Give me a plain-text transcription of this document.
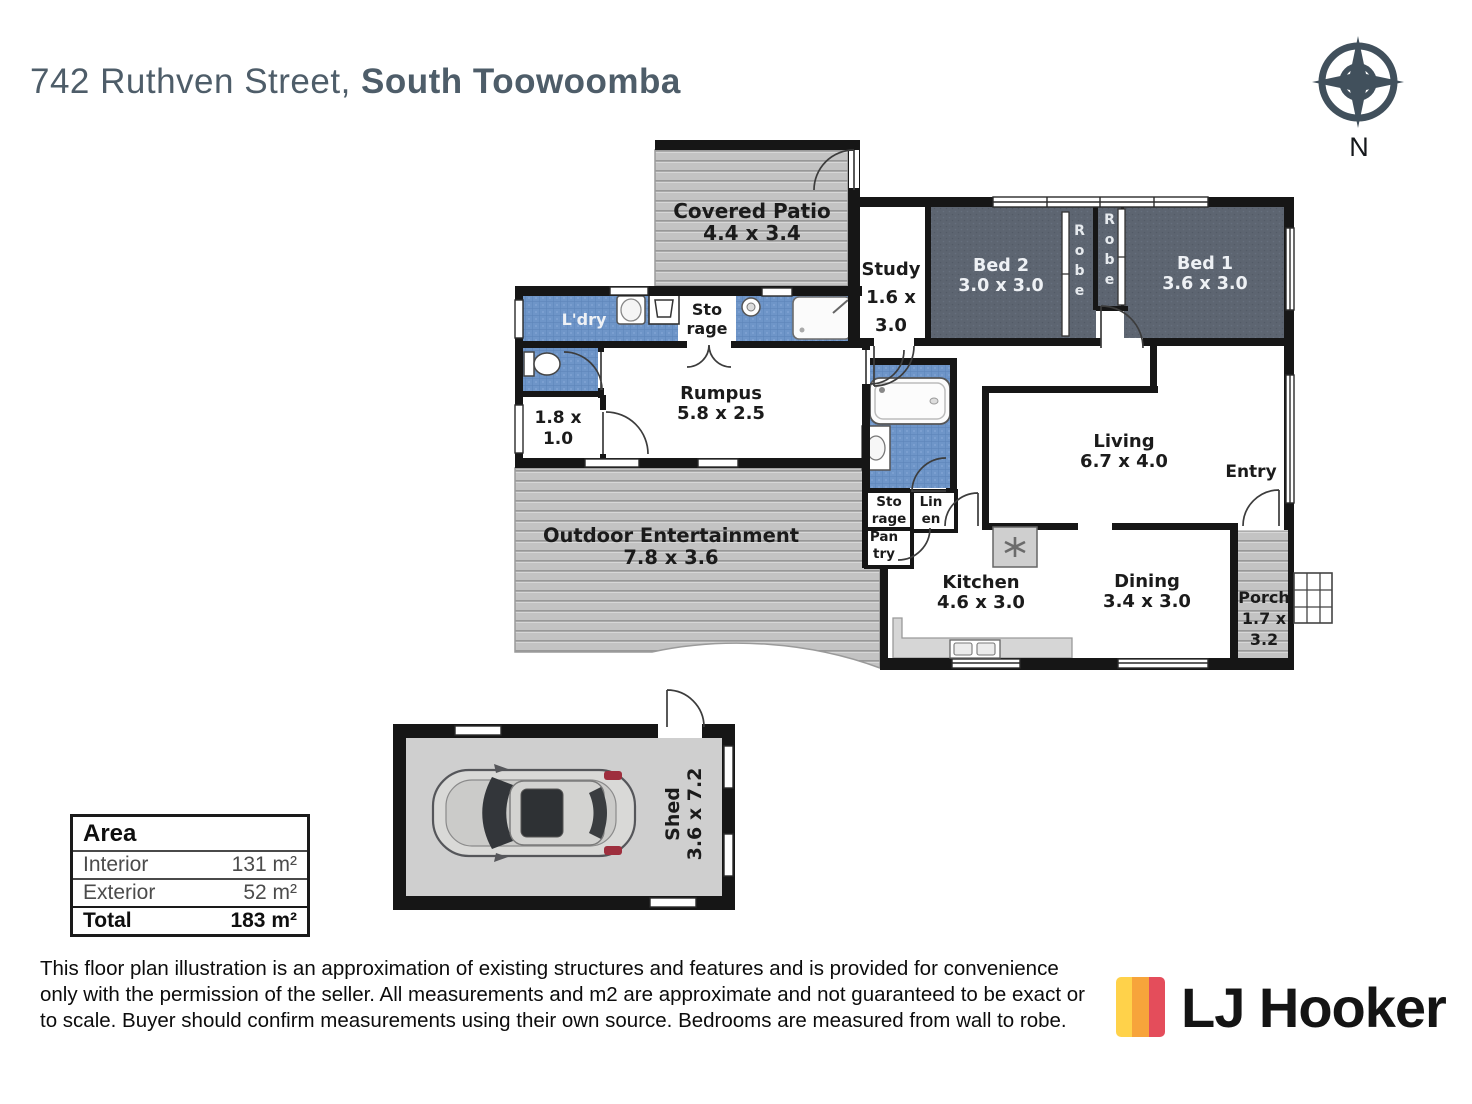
742 Ruthven Street, South Toowoomba
N
Covered Patio
4.4 x 3.4
Study
1.6 x
3.0
Bed 2
3.0 x 3.0
Robe
Robe
Bed 1
3.6 x 3.0
L'dry
Sto
rage
Rumpus
5.8 x 2.5
1.8 x
1.0	Living
6.7 x 4.0	Entry
Outdoor Entertainment
7.8 x 3.6
Sto
rage
Lin
en
Pan
try
Kitchen
4.6 x 3.0
Dining
3.4 x 3.0	Porch
1.7 x
3.2
Shed 3.6 x 7.2
Area	
Interior	131 m²
Exterior	52 m²
Total	183 m²
This floor plan illustration is an approximation of existing structures and features and is provided for convenience only with the permission of the seller. All measurements and m2 are approximate and not guaranteed to be exact or to scale. Buyer should confirm measurements using their own source. Bedrooms are measured from wall to robe.	LJ Hooker
